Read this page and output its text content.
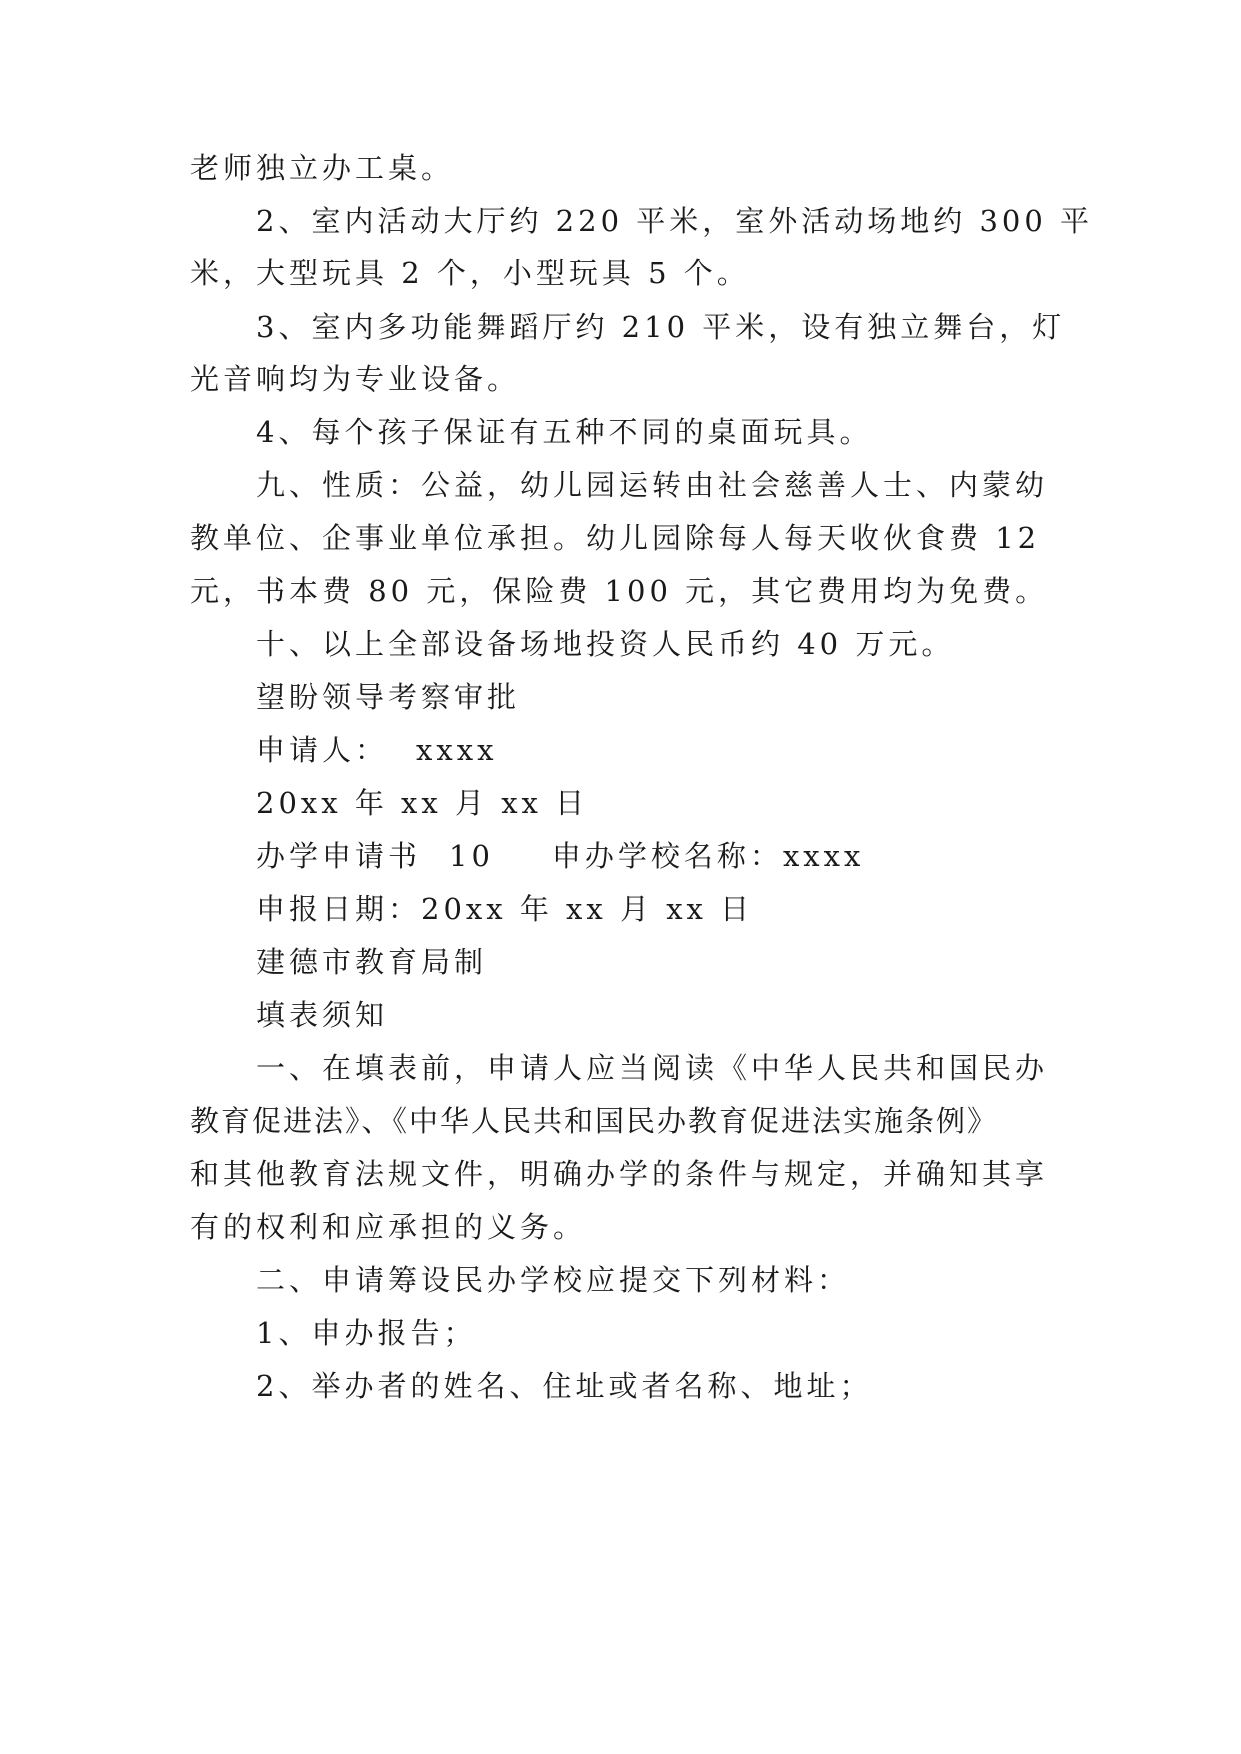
老师独立办工桌。
2、室内活动大厅约 220 平米，室外活动场地约 300 平
米，大型玩具 2 个，小型玩具 5 个。
3、室内多功能舞蹈厅约 210 平米，设有独立舞台，灯
光音响均为专业设备。
4、每个孩子保证有五种不同的桌面玩具。
九、性质：公益，幼儿园运转由社会慈善人士、内蒙幼
教单位、企事业单位承担。幼儿园除每人每天收伙食费 12
元，书本费 80 元，保险费 100 元，其它费用均为免费。
十、以上全部设备场地投资人民币约 40 万元。
望盼领导考察审批
申请人： xxxx
20xx 年 xx 月 xx 日
办学申请书 10 申办学校名称：xxxx
申报日期：20xx 年 xx 月 xx 日
建德市教育局制
填表须知
一、在填表前，申请人应当阅读《中华人民共和国民办
教育促进法》、《中华人民共和国民办教育促进法实施条例》
和其他教育法规文件，明确办学的条件与规定，并确知其享
有的权利和应承担的义务。
二、申请筹设民办学校应提交下列材料：
1、申办报告；
2、举办者的姓名、住址或者名称、地址；
